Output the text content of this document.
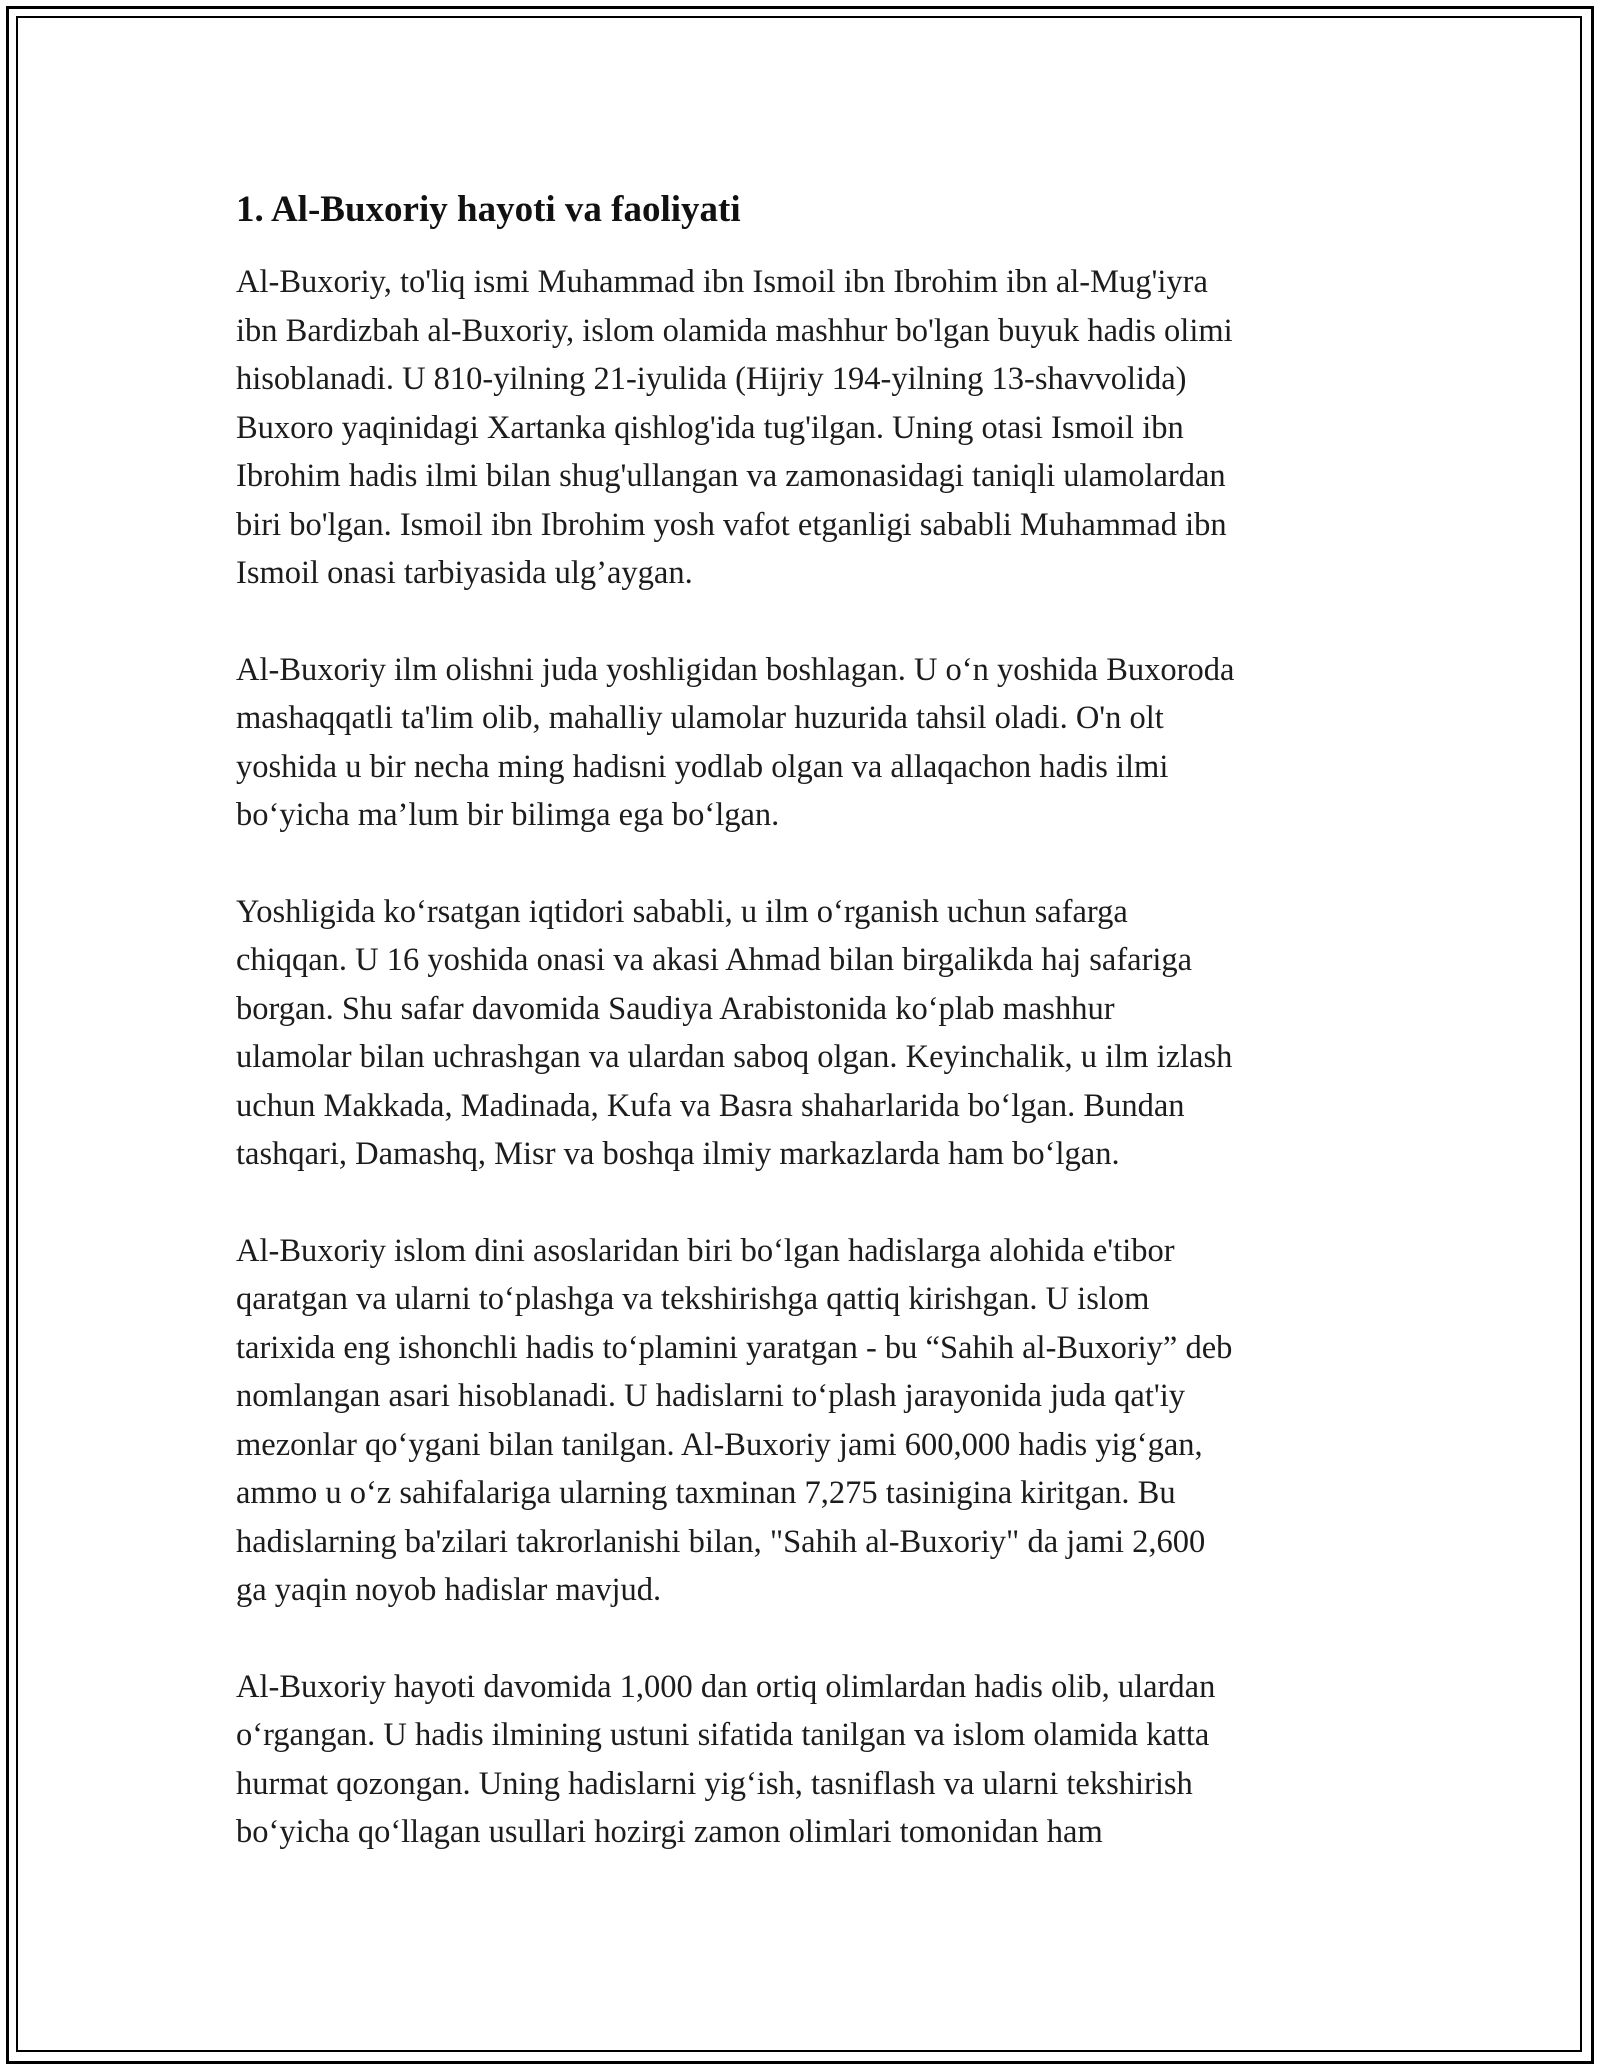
1. Al-Buxoriy hayoti va faoliyati

Al-Buxoriy, to'liq ismi Muhammad ibn Ismoil ibn Ibrohim ibn al-Mug'iyra
ibn Bardizbah al-Buxoriy, islom olamida mashhur bo'lgan buyuk hadis olimi
hisoblanadi. U 810-yilning 21-iyulida (Hijriy 194-yilning 13-shavvolida)
Buxoro yaqinidagi Xartanka qishlog'ida tug'ilgan. Uning otasi Ismoil ibn
Ibrohim hadis ilmi bilan shug'ullangan va zamonasidagi taniqli ulamolardan
biri bo'lgan. Ismoil ibn Ibrohim yosh vafot etganligi sababli Muhammad ibn
Ismoil onasi tarbiyasida ulg’aygan.

Al-Buxoriy ilm olishni juda yoshligidan boshlagan. U o‘n yoshida Buxoroda
mashaqqatli ta'lim olib, mahalliy ulamolar huzurida tahsil oladi. O'n olt
yoshida u bir necha ming hadisni yodlab olgan va allaqachon hadis ilmi
bo‘yicha ma’lum bir bilimga ega bo‘lgan.

Yoshligida ko‘rsatgan iqtidori sababli, u ilm o‘rganish uchun safarga
chiqqan. U 16 yoshida onasi va akasi Ahmad bilan birgalikda haj safariga
borgan. Shu safar davomida Saudiya Arabistonida ko‘plab mashhur
ulamolar bilan uchrashgan va ulardan saboq olgan. Keyinchalik, u ilm izlash
uchun Makkada, Madinada, Kufa va Basra shaharlarida bo‘lgan. Bundan
tashqari, Damashq, Misr va boshqa ilmiy markazlarda ham bo‘lgan.

Al-Buxoriy islom dini asoslaridan biri bo‘lgan hadislarga alohida e'tibor
qaratgan va ularni to‘plashga va tekshirishga qattiq kirishgan. U islom
tarixida eng ishonchli hadis to‘plamini yaratgan - bu “Sahih al-Buxoriy” deb
nomlangan asari hisoblanadi. U hadislarni to‘plash jarayonida juda qat'iy
mezonlar qo‘ygani bilan tanilgan. Al-Buxoriy jami 600,000 hadis yig‘gan,
ammo u o‘z sahifalariga ularning taxminan 7,275 tasinigina kiritgan. Bu
hadislarning ba'zilari takrorlanishi bilan, "Sahih al-Buxoriy" da jami 2,600
ga yaqin noyob hadislar mavjud.

Al-Buxoriy hayoti davomida 1,000 dan ortiq olimlardan hadis olib, ulardan
o‘rgangan. U hadis ilmining ustuni sifatida tanilgan va islom olamida katta
hurmat qozongan. Uning hadislarni yig‘ish, tasniflash va ularni tekshirish
bo‘yicha qo‘llagan usullari hozirgi zamon olimlari tomonidan ham
